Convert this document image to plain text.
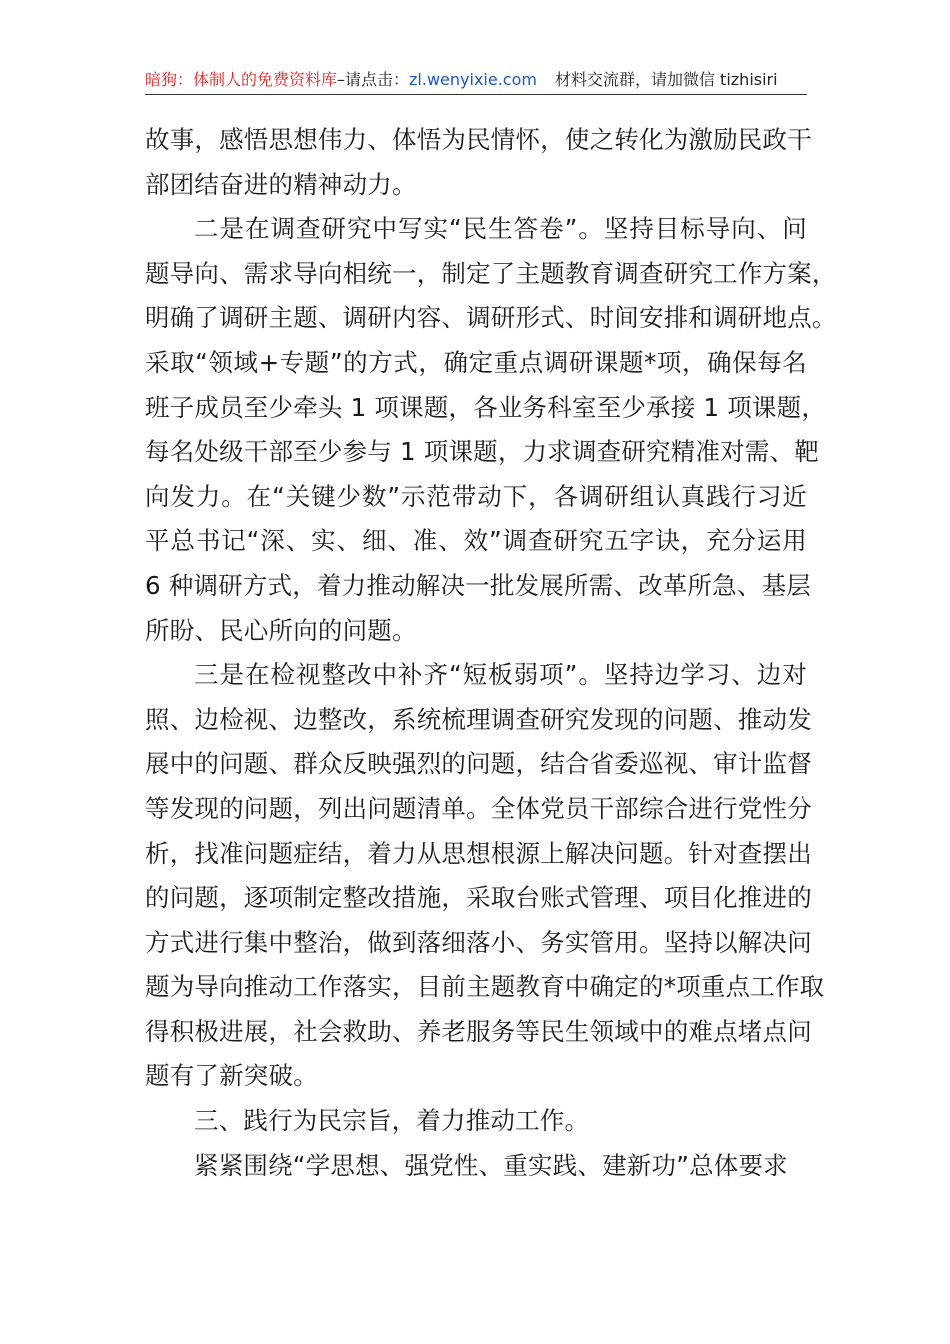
暗狗：体制人的免费资料库–请点击：zl.wenyixie.com 材料交流群，请加微信 tizhisiri

故事，感悟思想伟力、体悟为民情怀，使之转化为激励民政干
部团结奋进的精神动力。

二是在调查研究中写实“民生答卷”。坚持目标导向、问
题导向、需求导向相统一，制定了主题教育调查研究工作方案，
明确了调研主题、调研内容、调研形式、时间安排和调研地点。
采取“领域+专题”的方式，确定重点调研课题*项，确保每名
班子成员至少牵头 1 项课题，各业务科室至少承接 1 项课题，
每名处级干部至少参与 1 项课题，力求调查研究精准对需、靶
向发力。在“关键少数”示范带动下，各调研组认真践行习近
平总书记“深、实、细、准、效”调查研究五字诀，充分运用
6 种调研方式，着力推动解决一批发展所需、改革所急、基层
所盼、民心所向的问题。

三是在检视整改中补齐“短板弱项”。坚持边学习、边对
照、边检视、边整改，系统梳理调查研究发现的问题、推动发
展中的问题、群众反映强烈的问题，结合省委巡视、审计监督
等发现的问题，列出问题清单。全体党员干部综合进行党性分
析，找准问题症结，着力从思想根源上解决问题。针对查摆出
的问题，逐项制定整改措施，采取台账式管理、项目化推进的
方式进行集中整治，做到落细落小、务实管用。坚持以解决问
题为导向推动工作落实，目前主题教育中确定的*项重点工作取
得积极进展，社会救助、养老服务等民生领域中的难点堵点问
题有了新突破。

三、践行为民宗旨，着力推动工作。

紧紧围绕“学思想、强党性、重实践、建新功”总体要求
